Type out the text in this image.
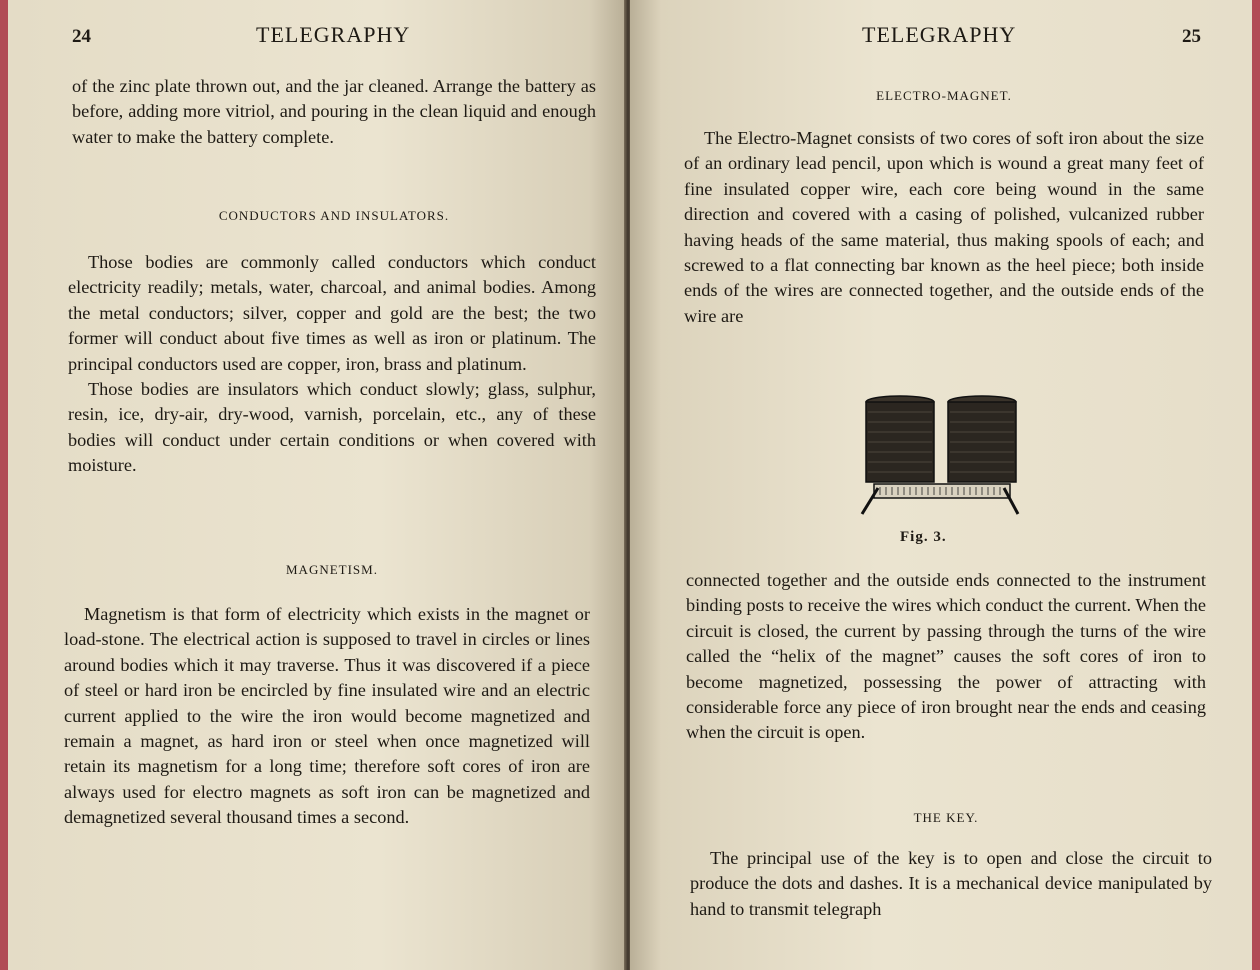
24	TELEGRAPHY

of the zinc plate thrown out, and the jar cleaned. Arrange the battery as before, adding more vitriol, and pouring in the clean liquid and enough water to make the battery complete.

CONDUCTORS AND INSULATORS.

Those bodies are commonly called conductors which conduct electricity readily; metals, water, charcoal, and animal bodies. Among the metal conductors; silver, copper and gold are the best; the two former will conduct about five times as well as iron or platinum. The principal conductors used are copper, iron, brass and platinum.

Those bodies are insulators which conduct slowly; glass, sulphur, resin, ice, dry-air, dry-wood, varnish, porcelain, etc., any of these bodies will conduct under certain conditions or when covered with moisture.

MAGNETISM.

Magnetism is that form of electricity which exists in the magnet or load-stone. The electrical action is supposed to travel in circles or lines around bodies which it may traverse. Thus it was discovered if a piece of steel or hard iron be encircled by fine insulated wire and an electric current applied to the wire the iron would become magnetized and remain a magnet, as hard iron or steel when once magnetized will retain its magnetism for a long time; therefore soft cores of iron are always used for electro magnets as soft iron can be magnetized and demagnetized several thousand times a second.

TELEGRAPHY	25
ELECTRO-MAGNET.

The Electro-Magnet consists of two cores of soft iron about the size of an ordinary lead pencil, upon which is wound a great many feet of fine insulated copper wire, each core being wound in the same direction and covered with a casing of polished, vulcanized rubber having heads of the same material, thus making spools of each; and screwed to a flat connecting bar known as the heel piece; both inside ends of the wires are connected together, and the outside ends of the wire are

Fig. 3.

connected together and the outside ends connected to the instrument binding posts to receive the wires which conduct the current. When the circuit is closed, the current by passing through the turns of the wire called the “helix of the magnet” causes the soft cores of iron to become magnetized, possessing the power of attracting with considerable force any piece of iron brought near the ends and ceasing when the circuit is open.

THE KEY.

The principal use of the key is to open and close the circuit to produce the dots and dashes. It is a mechanical device manipulated by hand to transmit telegraph
